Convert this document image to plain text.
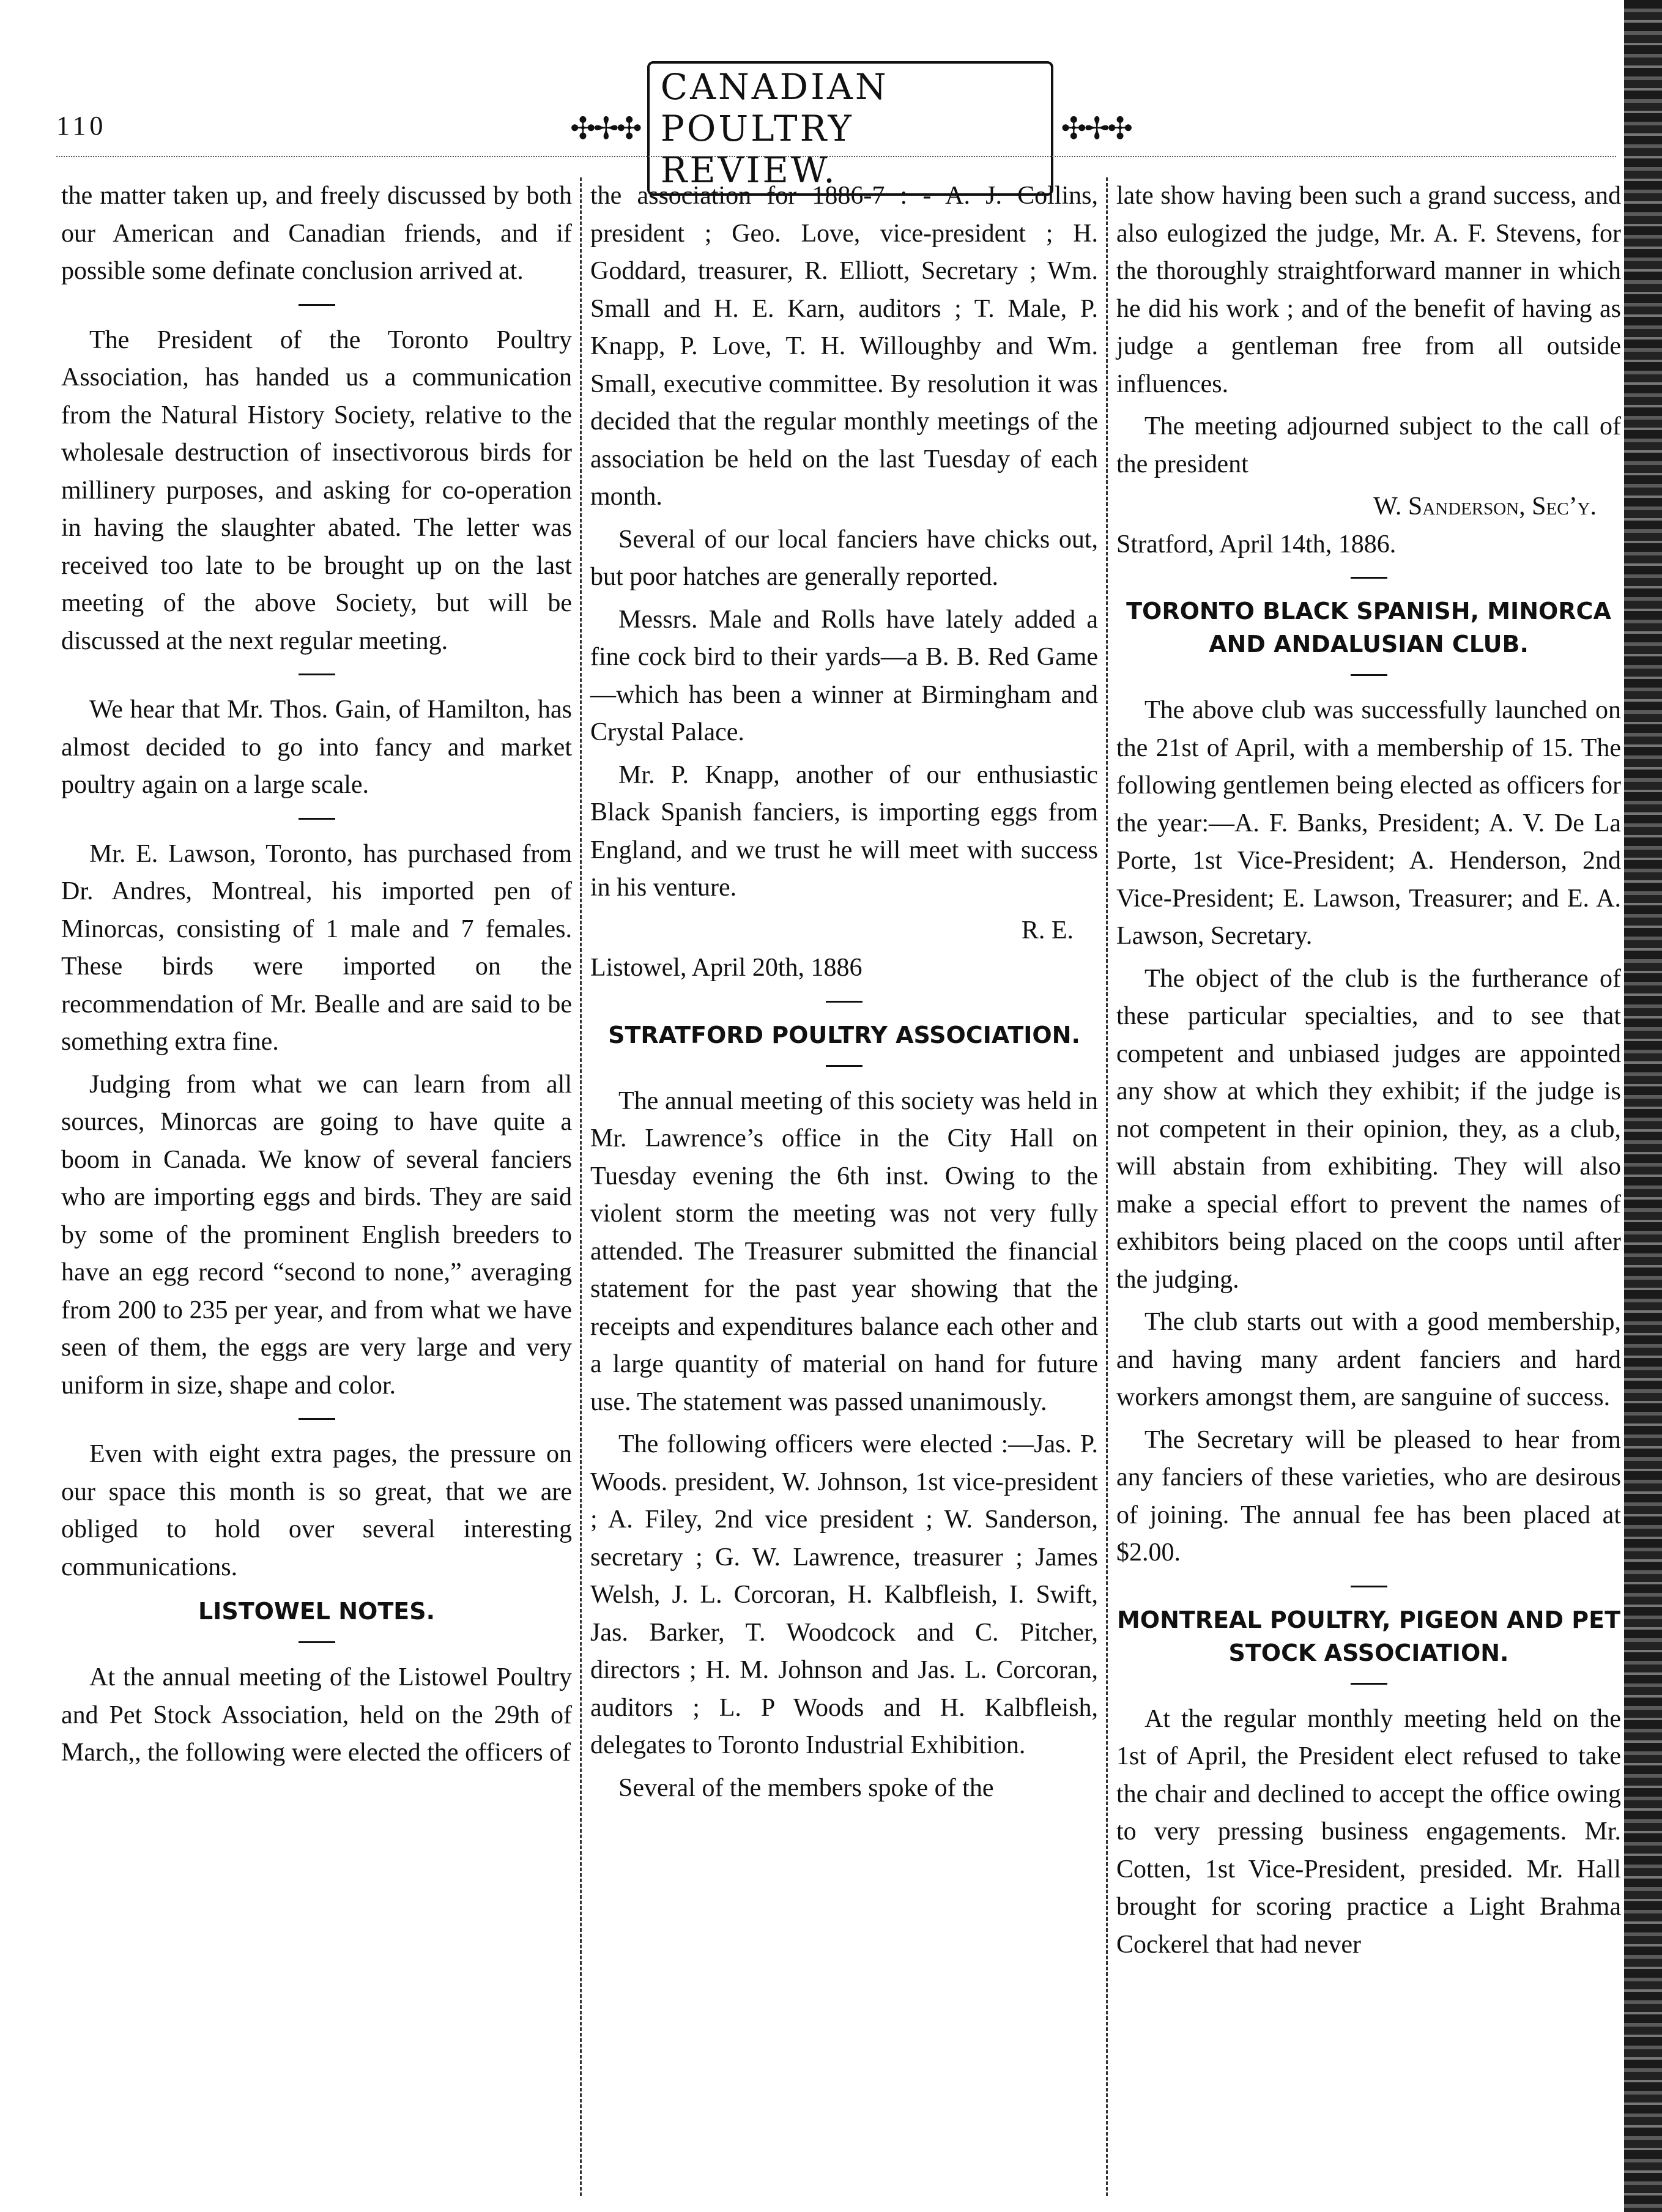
110	✣✢✣
CANADIAN POULTRY REVIEW.
✣✢✣

the matter taken up, and freely discussed by both our American and Canadian friends, and if possible some definate conclusion arrived at.

The President of the Toronto Poultry Association, has handed us a communication from the Natural History Society, relative to the wholesale destruction of insectivorous birds for millinery purposes, and asking for co-operation in having the slaughter abated. The letter was received too late to be brought up on the last meeting of the above Society, but will be discussed at the next regular meeting.

We hear that Mr. Thos. Gain, of Hamilton, has almost decided to go into fancy and market poultry again on a large scale.

Mr. E. Lawson, Toronto, has purchased from Dr. Andres, Montreal, his imported pen of Minorcas, consisting of 1 male and 7 females. These birds were imported on the recommendation of Mr. Bealle and are said to be something extra fine.

Judging from what we can learn from all sources, Minorcas are going to have quite a boom in Canada. We know of several fanciers who are importing eggs and birds. They are said by some of the prominent English breeders to have an egg record “second to none,” averaging from 200 to 235 per year, and from what we have seen of them, the eggs are very large and very uniform in size, shape and color.

Even with eight extra pages, the pressure on our space this month is so great, that we are obliged to hold over several interesting communications.

LISTOWEL NOTES.

At the annual meeting of the Listowel Poultry and Pet Stock Association, held on the 29th of March,, the following were elected the officers of

the association for 1886-7 : - A. J. Collins, president ; Geo. Love, vice-president ; H. Goddard, treasurer, R. Elliott, Secretary ; Wm. Small and H. E. Karn, auditors ; T. Male, P. Knapp, P. Love, T. H. Willoughby and Wm. Small, executive committee. By resolution it was decided that the regular monthly meetings of the association be held on the last Tuesday of each month.

Several of our local fanciers have chicks out, but poor hatches are generally reported.

Messrs. Male and Rolls have lately added a fine cock bird to their yards—a B. B. Red Game—which has been a winner at Birmingham and Crystal Palace.

Mr. P. Knapp, another of our enthusiastic Black Spanish fanciers, is importing eggs from England, and we trust he will meet with success in his venture.

R. E.

Listowel, April 20th, 1886

STRATFORD POULTRY ASSOCIATION.

The annual meeting of this society was held in Mr. Lawrence’s office in the City Hall on Tuesday evening the 6th inst. Owing to the violent storm the meeting was not very fully attended. The Treasurer submitted the financial statement for the past year showing that the receipts and expenditures balance each other and a large quantity of material on hand for future use. The statement was passed unanimously.

The following officers were elected :—Jas. P. Woods. president, W. Johnson, 1st vice-president ; A. Filey, 2nd vice president ; W. Sanderson, secretary ; G. W. Lawrence, treasurer ; James Welsh, J. L. Corcoran, H. Kalbfleish, I. Swift, Jas. Barker, T. Woodcock and C. Pitcher, directors ; H. M. Johnson and Jas. L. Corcoran, auditors ; L. P Woods and H. Kalbfleish, delegates to Toronto Industrial Exhibition.

Several of the members spoke of the

late show having been such a grand success, and also eulogized the judge, Mr. A. F. Stevens, for the thoroughly straightforward manner in which he did his work ; and of the benefit of having as judge a gentleman free from all outside influences.

The meeting adjourned subject to the call of the president

W. Sanderson, Sec’y.

Stratford, April 14th, 1886.

TORONTO BLACK SPANISH, MINORCA AND ANDALUSIAN CLUB.

The above club was successfully launched on the 21st of April, with a membership of 15. The following gentlemen being elected as officers for the year:—A. F. Banks, President; A. V. De La Porte, 1st Vice-President; A. Henderson, 2nd Vice-President; E. Lawson, Treasurer; and E. A. Lawson, Secretary.

The object of the club is the furtherance of these particular specialties, and to see that competent and unbiased judges are appointed any show at which they exhibit; if the judge is not competent in their opinion, they, as a club, will abstain from exhibiting. They will also make a special effort to prevent the names of exhibitors being placed on the coops until after the judging.

The club starts out with a good membership, and having many ardent fanciers and hard workers amongst them, are sanguine of success.

The Secretary will be pleased to hear from any fanciers of these varieties, who are desirous of joining. The annual fee has been placed at $2.00.

MONTREAL POULTRY, PIGEON AND PET STOCK ASSOCIATION.

At the regular monthly meeting held on the 1st of April, the President elect refused to take the chair and declined to accept the office owing to very pressing business engagements. Mr. Cotten, 1st Vice-President, presided. Mr. Hall brought for scoring practice a Light Brahma Cockerel that had never
